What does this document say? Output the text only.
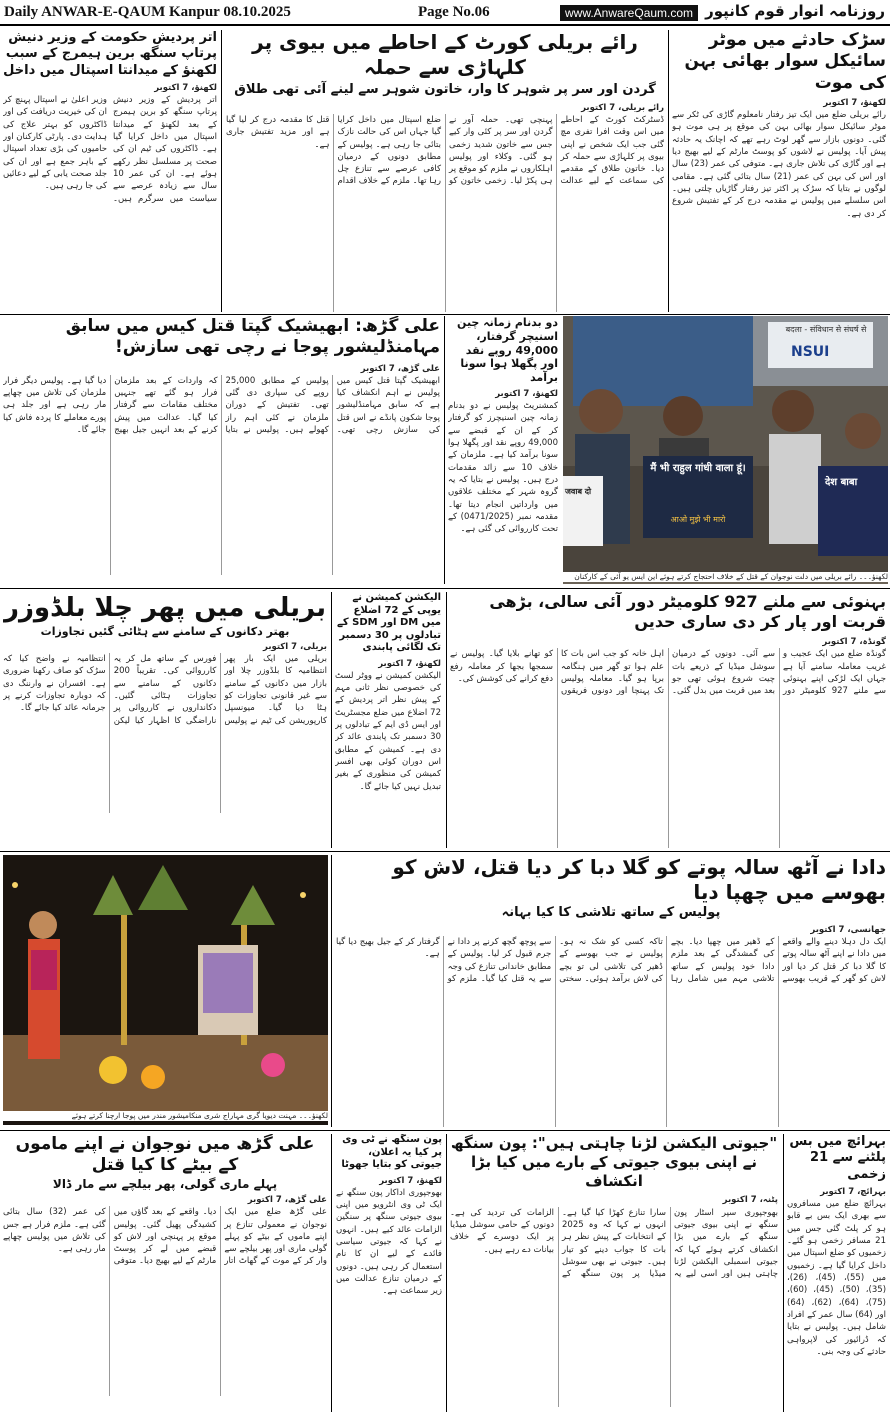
Daily ANWAR-E-QAUM Kanpur 08.10.2025	Page No.06	www.AnwareQaum.com روزنامہ انوار قوم کانپور
سڑک حادثے میں موٹر سائیکل سوار بھائی بہن کی موت
لکھنؤ، 7 اکتوبر
رائے بریلی ضلع میں ایک تیز رفتار نامعلوم گاڑی کی ٹکر سے موٹر سائیکل سوار بھائی بہن کی موقع پر ہی موت ہو گئی۔ دونوں بازار سے گھر لوٹ رہے تھے کہ اچانک یہ حادثہ پیش آیا۔ پولیس نے لاشوں کو پوسٹ مارٹم کے لیے بھیج دیا ہے اور گاڑی کی تلاش جاری ہے۔ متوفی کی عمر (23) سال اور اس کی بہن کی عمر (21) سال بتائی گئی ہے۔ مقامی لوگوں نے بتایا کہ سڑک پر اکثر تیز رفتار گاڑیاں چلتی ہیں۔ اس سلسلے میں پولیس نے مقدمہ درج کر کے تفتیش شروع کر دی ہے۔
رائے بریلی کورٹ کے احاطے میں بیوی پر کلہاڑی سے حملہ
گردن اور سر پر شوہر کا وار، خاتون شوہر سے لینے آئی تھی طلاق
رائے بریلی، 7 اکتوبر
ڈسٹرکٹ کورٹ کے احاطے میں اس وقت افرا تفری مچ گئی جب ایک شخص نے اپنی بیوی پر کلہاڑی سے حملہ کر دیا۔ خاتون طلاق کے مقدمے کی سماعت کے لیے عدالت پہنچی تھی۔ حملہ آور نے گردن اور سر پر کئی وار کیے جس سے خاتون شدید زخمی ہو گئی۔ وکلاء اور پولیس اہلکاروں نے ملزم کو موقع پر ہی پکڑ لیا۔ زخمی خاتون کو ضلع اسپتال میں داخل کرایا گیا جہاں اس کی حالت نازک بتائی جا رہی ہے۔ پولیس کے مطابق دونوں کے درمیان کافی عرصے سے تنازع چل رہا تھا۔ ملزم کے خلاف اقدام قتل کا مقدمہ درج کر لیا گیا ہے اور مزید تفتیش جاری ہے۔
اتر پردیش حکومت کے وزیر دنیش پرتاپ سنگھ برین ہیمرج کے سبب لکھنؤ کے میدانتا اسپتال میں داخل
لکھنؤ، 7 اکتوبر
اتر پردیش کے وزیر دنیش پرتاپ سنگھ کو برین ہیمرج کے بعد لکھنؤ کے میدانتا اسپتال میں داخل کرایا گیا ہے۔ ڈاکٹروں کی ٹیم ان کی صحت پر مسلسل نظر رکھے ہوئے ہے۔ ان کی عمر 10 سال سے زیادہ عرصے سے سیاست میں سرگرم ہیں۔ وزیر اعلیٰ نے اسپتال پہنچ کر ان کی خیریت دریافت کی اور ڈاکٹروں کو بہتر علاج کی ہدایت دی۔ پارٹی کارکنان اور حامیوں کی بڑی تعداد اسپتال کے باہر جمع ہے اور ان کی جلد صحت یابی کے لیے دعائیں کی جا رہی ہیں۔
बदला - संविधान से संघर्ष से
NSUI
मैं भी राहुल गांधी वाला हूं।
आओ मुझे भी मारो
देश बाबा
जवाब दो
لکھنؤ۔۔۔ رائے بریلی میں دلت نوجوان کے قتل کے خلاف احتجاج کرتے ہوئے این ایس یو آئی کے کارکنان
دو بدنام زمانہ چین اسنیچر گرفتار، 49,000 روپے نقد اور پگھلا ہوا سونا برآمد
لکھنؤ، 7 اکتوبر
کمشنریٹ پولیس نے دو بدنام زمانہ چین اسنیچرز کو گرفتار کر کے ان کے قبضے سے 49,000 روپے نقد اور پگھلا ہوا سونا برآمد کیا ہے۔ ملزمان کے خلاف 10 سے زائد مقدمات درج ہیں۔ پولیس نے بتایا کہ یہ گروہ شہر کے مختلف علاقوں میں وارداتیں انجام دیتا تھا۔ مقدمہ نمبر (0471/2025) کے تحت کارروائی کی گئی ہے۔
علی گڑھ: ابھیشیک گپتا قتل کیس میں سابق مہامنڈلیشور پوجا نے رچی تھی سازش!
علی گڑھ، 7 اکتوبر
ابھیشیک گپتا قتل کیس میں پولیس نے اہم انکشاف کیا ہے کہ سابق مہامنڈلیشور پوجا شکون پانڈے نے اس قتل کی سازش رچی تھی۔ پولیس کے مطابق 25,000 روپے کی سپاری دی گئی تھی۔ تفتیش کے دوران ملزمان نے کئی اہم راز کھولے ہیں۔ پولیس نے بتایا کہ واردات کے بعد ملزمان فرار ہو گئے تھے جنہیں مختلف مقامات سے گرفتار کیا گیا۔ عدالت میں پیش کرنے کے بعد انہیں جیل بھیج دیا گیا ہے۔ پولیس دیگر فرار ملزمان کی تلاش میں چھاپے مار رہی ہے اور جلد ہی پورے معاملے کا پردہ فاش کیا جائے گا۔
بہنوئی سے ملنے 927 کلومیٹر دور آئی سالی، بڑھی قربت اور پار کر دی ساری حدیں
گونڈہ، 7 اکتوبر
گونڈہ ضلع میں ایک عجیب و غریب معاملہ سامنے آیا ہے جہاں ایک لڑکی اپنے بہنوئی سے ملنے 927 کلومیٹر دور سے آئی۔ دونوں کے درمیان سوشل میڈیا کے ذریعے بات چیت شروع ہوئی تھی جو بعد میں قربت میں بدل گئی۔ اہل خانہ کو جب اس بات کا علم ہوا تو گھر میں ہنگامہ برپا ہو گیا۔ معاملہ پولیس تک پہنچا اور دونوں فریقوں کو تھانے بلایا گیا۔ پولیس نے سمجھا بجھا کر معاملہ رفع دفع کرانے کی کوشش کی۔
الیکشن کمیشن نے یوپی کے 72 اضلاع میں DM اور SDM کے تبادلوں پر 30 دسمبر تک لگائی پابندی
لکھنؤ، 7 اکتوبر
الیکشن کمیشن نے ووٹر لسٹ کی خصوصی نظر ثانی مہم کے پیش نظر اتر پردیش کے 72 اضلاع میں ضلع مجسٹریٹ اور ایس ڈی ایم کے تبادلوں پر 30 دسمبر تک پابندی عائد کر دی ہے۔ کمیشن کے مطابق اس دوران کوئی بھی افسر کمیشن کی منظوری کے بغیر تبدیل نہیں کیا جائے گا۔
بریلی میں پھر چلا بلڈوزر
بھتر دکانوں کے سامنے سے ہٹائی گئیں تجاوزات
بریلی، 7 اکتوبر
بریلی میں ایک بار پھر انتظامیہ کا بلڈوزر چلا اور بازار میں دکانوں کے سامنے سے غیر قانونی تجاوزات کو ہٹا دیا گیا۔ میونسپل کارپوریشن کی ٹیم نے پولیس فورس کے ساتھ مل کر یہ کارروائی کی۔ تقریباً 200 دکانوں کے سامنے سے تجاوزات ہٹائی گئیں۔ دکانداروں نے کارروائی پر ناراضگی کا اظہار کیا لیکن انتظامیہ نے واضح کیا کہ سڑک کو صاف رکھنا ضروری ہے۔ افسران نے وارننگ دی کہ دوبارہ تجاوزات کرنے پر جرمانہ عائد کیا جائے گا۔
لکھنؤ۔۔۔ مہنت دیویا گری مہاراج شری منکامیشور مندر میں پوجا ارچنا کرتے ہوئے
دادا نے آٹھ سالہ پوتے کو گلا دبا کر دیا قتل، لاش کو بھوسے میں چھپا دیا
پولیس کے ساتھ تلاشی کا کیا بہانہ
جھانسی، 7 اکتوبر
ایک دل دہلا دینے والے واقعے میں دادا نے اپنے آٹھ سالہ پوتے کا گلا دبا کر قتل کر دیا اور لاش کو گھر کے قریب بھوسے کے ڈھیر میں چھپا دیا۔ بچے کی گمشدگی کے بعد ملزم دادا خود پولیس کے ساتھ تلاشی مہم میں شامل رہا تاکہ کسی کو شک نہ ہو۔ پولیس نے جب بھوسے کے ڈھیر کی تلاشی لی تو بچے کی لاش برآمد ہوئی۔ سختی سے پوچھ گچھ کرنے پر دادا نے جرم قبول کر لیا۔ پولیس کے مطابق خاندانی تنازع کی وجہ سے یہ قتل کیا گیا۔ ملزم کو گرفتار کر کے جیل بھیج دیا گیا ہے۔
بہرائچ میں بس پلٹنے سے 21 زخمی
بہرائچ، 7 اکتوبر
بہرائچ ضلع میں مسافروں سے بھری ایک بس بے قابو ہو کر پلٹ گئی جس میں 21 مسافر زخمی ہو گئے۔ زخمیوں کو ضلع اسپتال میں داخل کرایا گیا ہے۔ زخمیوں میں (55)، (45)، (26)، (35)، (50)، (45)، (60)، (75)، (64)، (62)، (64) اور (64) سال عمر کے افراد شامل ہیں۔ پولیس نے بتایا کہ ڈرائیور کی لاپرواہی حادثے کی وجہ بنی۔
"جیوتی الیکشن لڑنا چاہتی ہیں": پون سنگھ نے اپنی بیوی جیوتی کے بارے میں کیا بڑا انکشاف
پٹنہ، 7 اکتوبر
بھوجپوری سپر اسٹار پون سنگھ نے اپنی بیوی جیوتی سنگھ کے بارے میں بڑا انکشاف کرتے ہوئے کہا کہ جیوتی اسمبلی الیکشن لڑنا چاہتی ہیں اور اسی لیے یہ سارا تنازع کھڑا کیا گیا ہے۔ انہوں نے کہا کہ وہ 2025 کے انتخابات کے پیش نظر ہر بات کا جواب دینے کو تیار ہیں۔ جیوتی نے بھی سوشل میڈیا پر پون سنگھ کے الزامات کی تردید کی ہے۔ دونوں کے حامی سوشل میڈیا پر ایک دوسرے کے خلاف بیانات دے رہے ہیں۔
پون سنگھ نے ٹی وی پر کیا یہ اعلان، جیوتی کو بتایا جھوٹا
لکھنؤ، 7 اکتوبر
بھوجپوری اداکار پون سنگھ نے ایک ٹی وی انٹرویو میں اپنی بیوی جیوتی سنگھ پر سنگین الزامات عائد کیے ہیں۔ انہوں نے کہا کہ جیوتی سیاسی فائدے کے لیے ان کا نام استعمال کر رہی ہیں۔ دونوں کے درمیان تنازع عدالت میں زیر سماعت ہے۔
علی گڑھ میں نوجوان نے اپنے ماموں کے بیٹے کا کیا قتل
پہلے ماری گولی، پھر بیلچے سے مار ڈالا
علی گڑھ، 7 اکتوبر
علی گڑھ ضلع میں ایک نوجوان نے معمولی تنازع پر اپنے ماموں کے بیٹے کو پہلے گولی ماری اور پھر بیلچے سے وار کر کے موت کے گھاٹ اتار دیا۔ واقعے کے بعد گاؤں میں کشیدگی پھیل گئی۔ پولیس موقع پر پہنچی اور لاش کو قبضے میں لے کر پوسٹ مارٹم کے لیے بھیج دیا۔ متوفی کی عمر (32) سال بتائی گئی ہے۔ ملزم فرار ہے جس کی تلاش میں پولیس چھاپے مار رہی ہے۔
